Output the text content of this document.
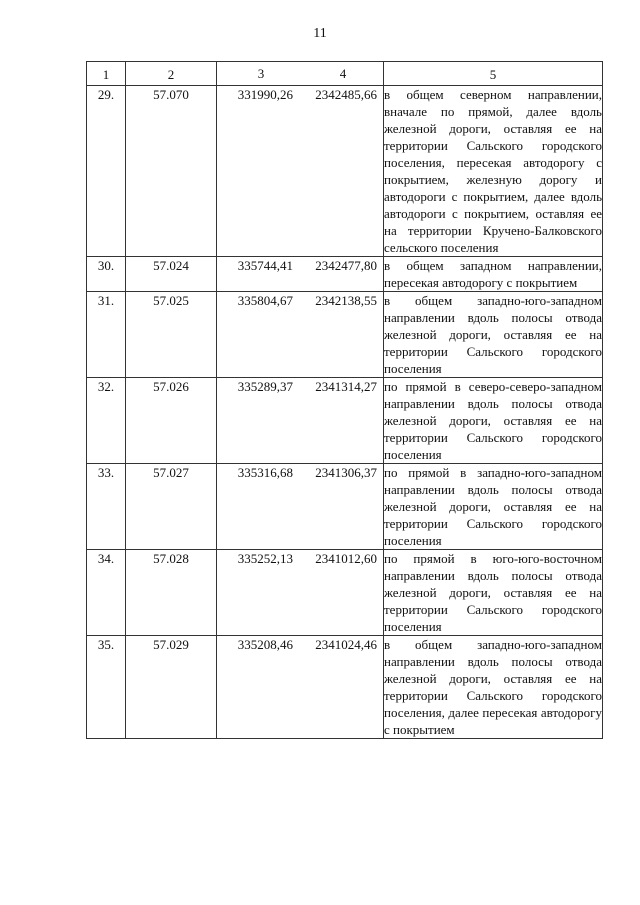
11
1	2	3 4	5
29.	57.070	331990,26 2342485,66	в общем северном направлении, вначале по прямой, далее вдоль железной дороги, оставляя ее на территории Сальского городского поселения, пересекая автодорогу с покрытием, железную дорогу и автодороги с покрытием, далее вдоль автодороги с покрытием, оставляя ее на территории Кручено-Балковского сельского поселения
30.	57.024	335744,41 2342477,80	в общем западном направлении, пересекая автодорогу с покрытием
31.	57.025	335804,67 2342138,55	в общем западно-юго-западном направлении вдоль полосы отвода железной дороги, оставляя ее на территории Сальского городского поселения
32.	57.026	335289,37 2341314,27	по прямой в северо-северо-западном направлении вдоль полосы отвода железной дороги, оставляя ее на территории Сальского городского поселения
33.	57.027	335316,68 2341306,37	по прямой в западно-юго-западном направлении вдоль полосы отвода железной дороги, оставляя ее на территории Сальского городского поселения
34.	57.028	335252,13 2341012,60	по прямой в юго-юго-восточном направлении вдоль полосы отвода железной дороги, оставляя ее на территории Сальского городского поселения
35.	57.029	335208,46 2341024,46	в общем западно-юго-западном направлении вдоль полосы отвода железной дороги, оставляя ее на территории Сальского городского поселения, далее пересекая автодорогу с покрытием
